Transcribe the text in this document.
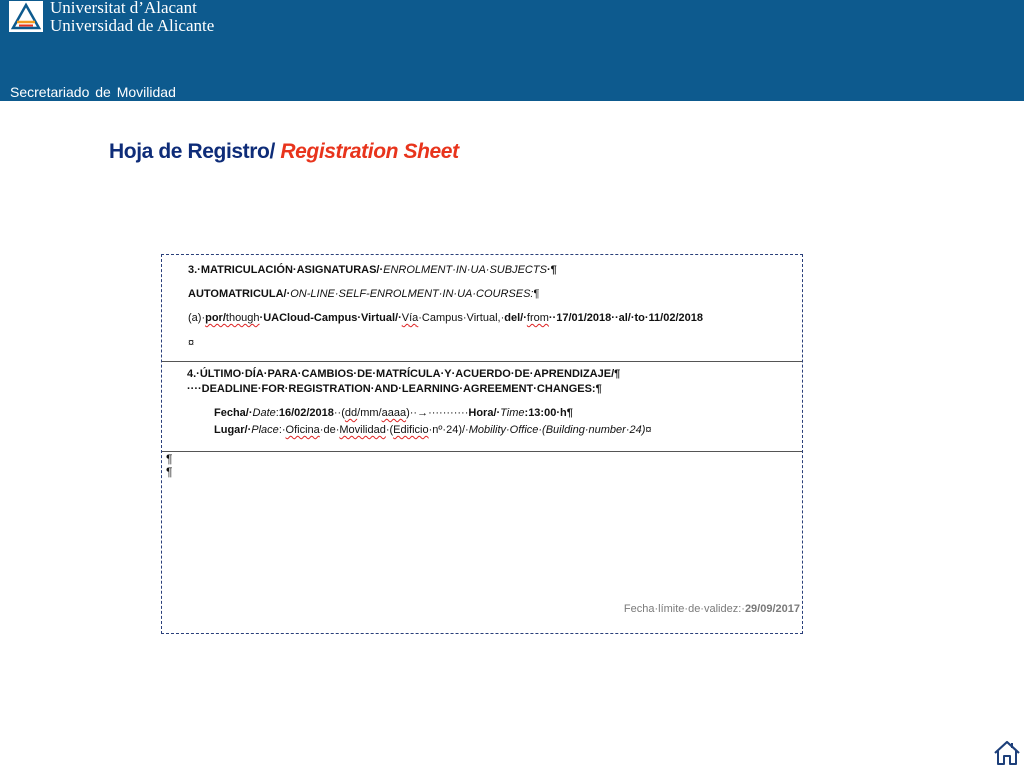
Universitat d’Alacant
Universidad de Alicante
Secretariado de Movilidad
Hoja de Registro/ Registration Sheet
3.·MATRICULACIÓN·ASIGNATURAS/·ENROLMENT·IN·UA·SUBJECTS·¶
AUTOMATRICULA/·ON-LINE·SELF-ENROLMENT·IN·UA·COURSES:¶
(a)·por/though·UACloud-Campus·Virtual/·Vía·Campus·Virtual,·del/·from··17/01/2018··al/·to·11/02/2018
¤
4.·ÚLTIMO·DÍA·PARA·CAMBIOS·DE·MATRÍCULA·Y·ACUERDO·DE·APRENDIZAJE/¶
····DEADLINE·FOR·REGISTRATION·AND·LEARNING·AGREEMENT·CHANGES:¶
Fecha/·Date:16/02/2018··(dd/mm/aaaa)··→···········Hora/·Time:13:00·h¶
Lugar/·Place:·Oficina·de·Movilidad·(Edificio·nº·24)/·Mobility·Office·(Building·number·24)¤
¶
¶
Fecha·límite·de·validez:·29/09/2017
